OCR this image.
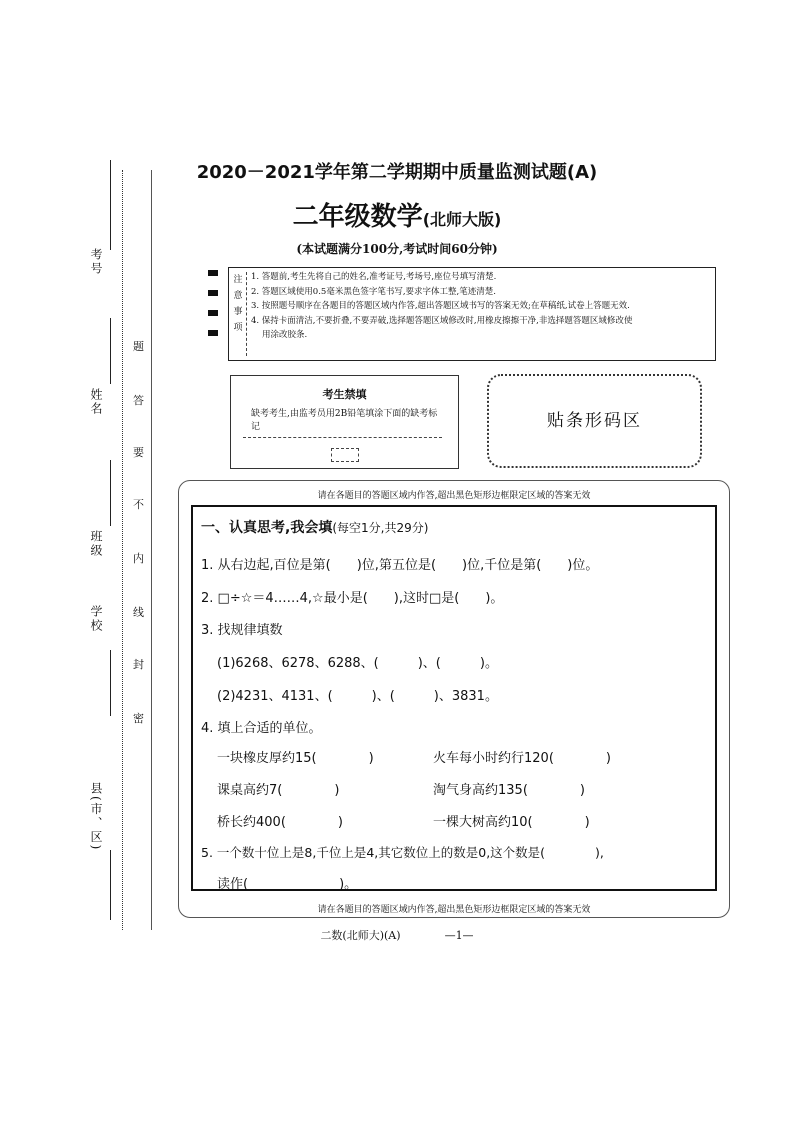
考号
姓名
班级
学校
县(市、区)
题
答
要
不
内
线
封
密
2020－2021学年第二学期期中质量监测试题(A)
二年级数学(北师大版)
(本试题满分100分,考试时间60分钟)
注意事项
1. 答题前,考生先将自己的姓名,准考证号,考场号,座位号填写清楚.
2. 答题区域使用0.5毫米黑色签字笔书写,要求字体工整,笔迹清楚.
3. 按照题号顺序在各题目的答题区域内作答,超出答题区域书写的答案无效;在草稿纸,试卷上答题无效.
4. 保持卡面清洁,不要折叠,不要弄破,选择题答题区域修改时,用橡皮擦擦干净,非选择题答题区域修改使
用涂改胶条.
考生禁填
缺考考生,由监考员用2B铅笔填涂下面的缺考标记	贴条形码区
请在各题目的答题区域内作答,超出黑色矩形边框限定区域的答案无效
一、认真思考,我会填(每空1分,共29分)
1. 从右边起,百位是第(　　)位,第五位是(　　)位,千位是第(　　)位。
2. □÷☆＝4……4,☆最小是(　　),这时□是(　　)。
3. 找规律填数
(1)6268、6278、6288、(　　　)、(　　　)。
(2)4231、4131、(　　　)、(　　　)、3831。
4. 填上合适的单位。
一块橡皮厚约15(　　　　)	火车每小时约行120(　　　　)
课桌高约7(　　　　)	淘气身高约135(　　　　)
桥长约400(　　　　)	一棵大树高约10(　　　　)
5. 一个数十位上是8,千位上是4,其它数位上的数是0,这个数是(　　　　),
读作(　　　　　　　)。
请在各题目的答题区域内作答,超出黑色矩形边框限定区域的答案无效
二数(北师大)(A)　　　　	—1—
